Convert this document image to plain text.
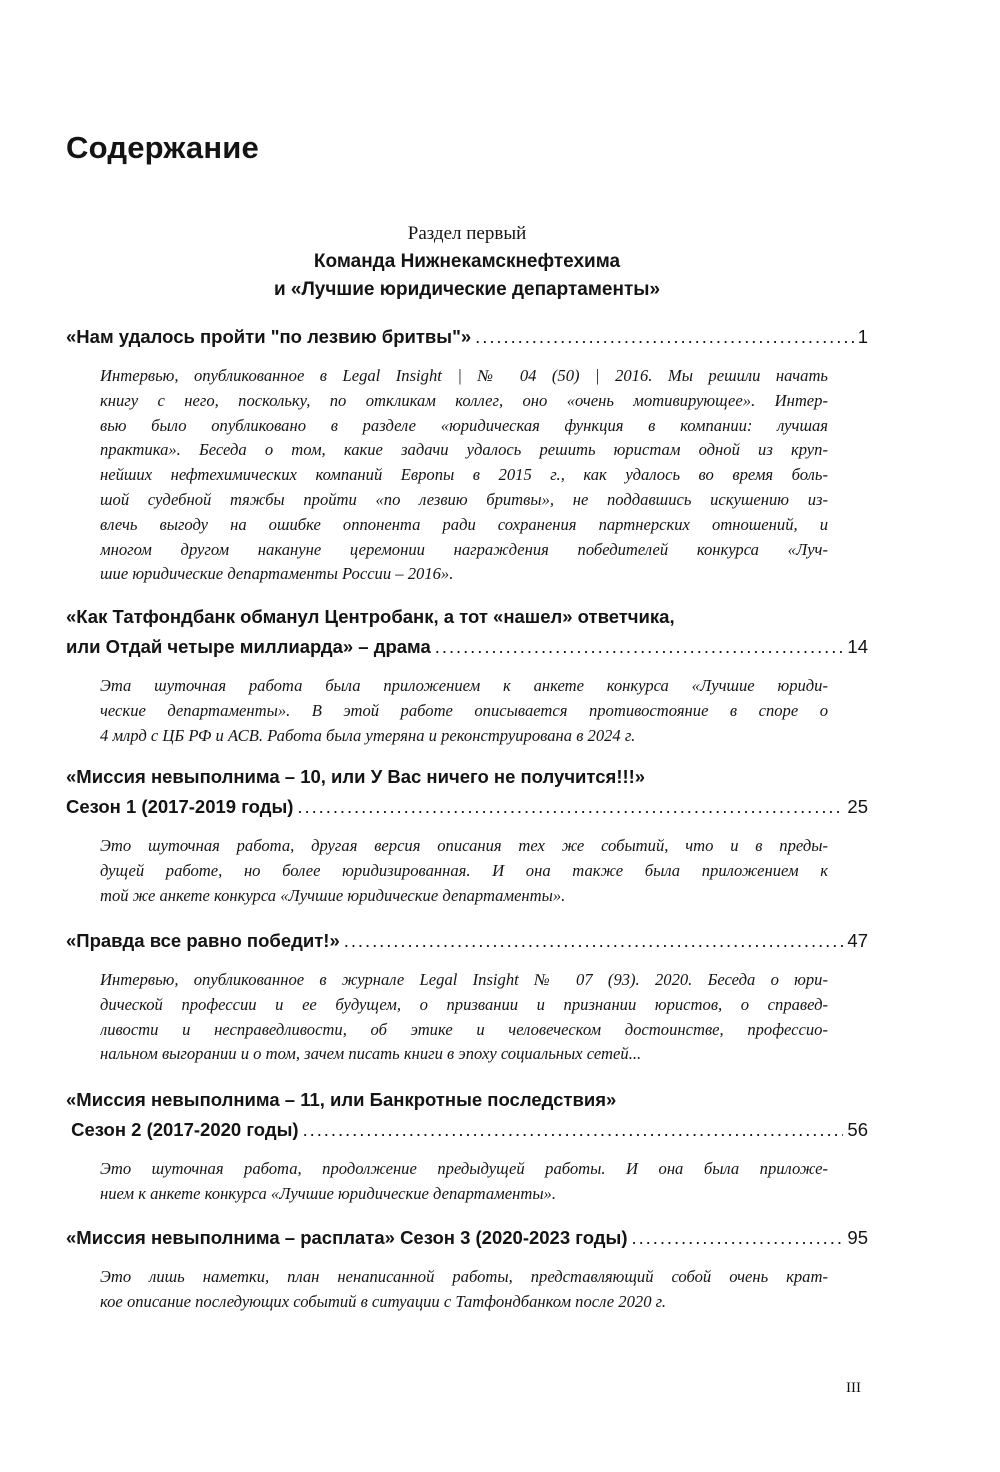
Содержание
Раздел первый
Команда Нижнекамскнефтехима
и «Лучшие юридические департаменты»
«Нам удалось пройти "по лезвию бритвы"» . . .	1
Интервью, опубликованное в Legal Insight | № 04 (50) | 2016. Мы решили начать
книгу с него, поскольку, по откликам коллег, оно «очень мотивирующее». Интер-
вью было опубликовано в разделе «юридическая функция в компании: лучшая
практика». Беседа о том, какие задачи удалось решить юристам одной из круп-
нейших нефтехимических компаний Европы в 2015 г., как удалось во время боль-
шой судебной тяжбы пройти «по лезвию бритвы», не поддавшись искушению из-
влечь выгоду на ошибке оппонента ради сохранения партнерских отношений, и
многом другом накануне церемонии награждения победителей конкурса «Луч-
шие юридические департаменты России – 2016».
«Как Татфондбанк обманул Центробанк, а тот «нашел» ответчика,
или Отдай четыре миллиарда» – драма . . .	14
Эта шуточная работа была приложением к анкете конкурса «Лучшие юриди-
ческие департаменты». В этой работе описывается противостояние в споре о
4 млрд с ЦБ РФ и АСВ. Работа была утеряна и реконструирована в 2024 г.
«Миссия невыполнима – 10, или У Вас ничего не получится!!!»
Сезон 1 (2017-2019 годы) . . .	25
Это шуточная работа, другая версия описания тех же событий, что и в преды-
дущей работе, но более юридизированная. И она также была приложением к
той же анкете конкурса «Лучшие юридические департаменты».
«Правда все равно победит!» . . .	47
Интервью, опубликованное в журнале Legal Insight № 07 (93). 2020. Беседа о юри-
дической профессии и ее будущем, о призвании и признании юристов, о справед-
ливости и несправедливости, об этике и человеческом достоинстве, профессио-
нальном выгорании и о том, зачем писать книги в эпоху социальных сетей...
«Миссия невыполнима – 11, или Банкротные последствия»
Сезон 2 (2017-2020 годы) . . .	56
Это шуточная работа, продолжение предыдущей работы. И она была приложе-
нием к анкете конкурса «Лучшие юридические департаменты».
«Миссия невыполнима – расплата» Сезон 3 (2020-2023 годы) . . .	95
Это лишь наметки, план ненаписанной работы, представляющий собой очень крат-
кое описание последующих событий в ситуации с Татфондбанком после 2020 г.
III
